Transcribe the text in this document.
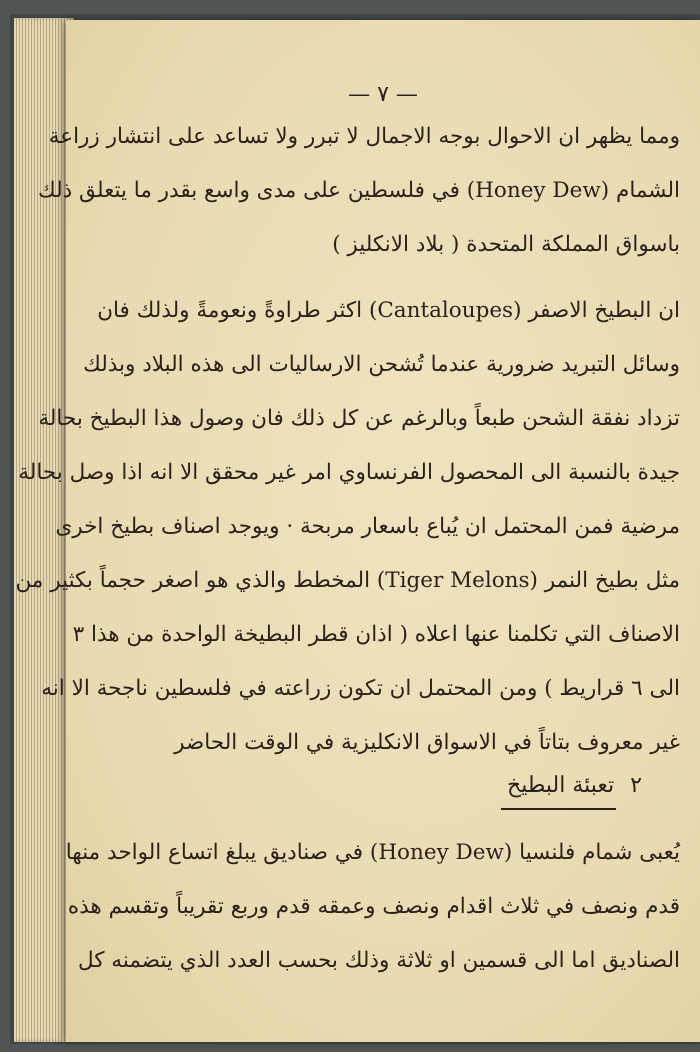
— ٧ —
ومما يظهر ان الاحوال بوجه الاجمال لا تبرر ولا تساعد على انتشار زراعة
الشمام (Honey Dew) في فلسطين على مدى واسع بقدر ما يتعلق ذلك
باسواق المملكة المتحدة ( بلاد الانكليز )
ان البطيخ الاصفر (Cantaloupes) اكثر طراوةً ونعومةً ولذلك فان
وسائل التبريد ضرورية عندما تُشحن الارساليات الى هذه البلاد وبذلك
تزداد نفقة الشحن طبعاً وبالرغم عن كل ذلك فان وصول هذا البطيخ بحالة
جيدة بالنسبة الى المحصول الفرنساوي امر غير محقق الا انه اذا وصل بحالة
مرضية فمن المحتمل ان يُباع باسعار مربحة · ويوجد اصناف بطيخ اخرى
مثل بطيخ النمر (Tiger Melons) المخطط والذي هو اصغر حجماً بكثير من
الاصناف التي تكلمنا عنها اعلاه ( اذان قطر البطيخة الواحدة من هذا ٣
الى ٦ قراريط ) ومن المحتمل ان تكون زراعته في فلسطين ناجحة الا انه
غير معروف بتاتاً في الاسواق الانكليزية في الوقت الحاضر
٢تعبئة البطيخ
يُعبى شمام فلنسيا (Honey Dew) في صناديق يبلغ اتساع الواحد منها
قدم ونصف في ثلاث اقدام ونصف وعمقه قدم وربع تقريباً وتقسم هذه
الصناديق اما الى قسمين او ثلاثة وذلك بحسب العدد الذي يتضمنه كل
